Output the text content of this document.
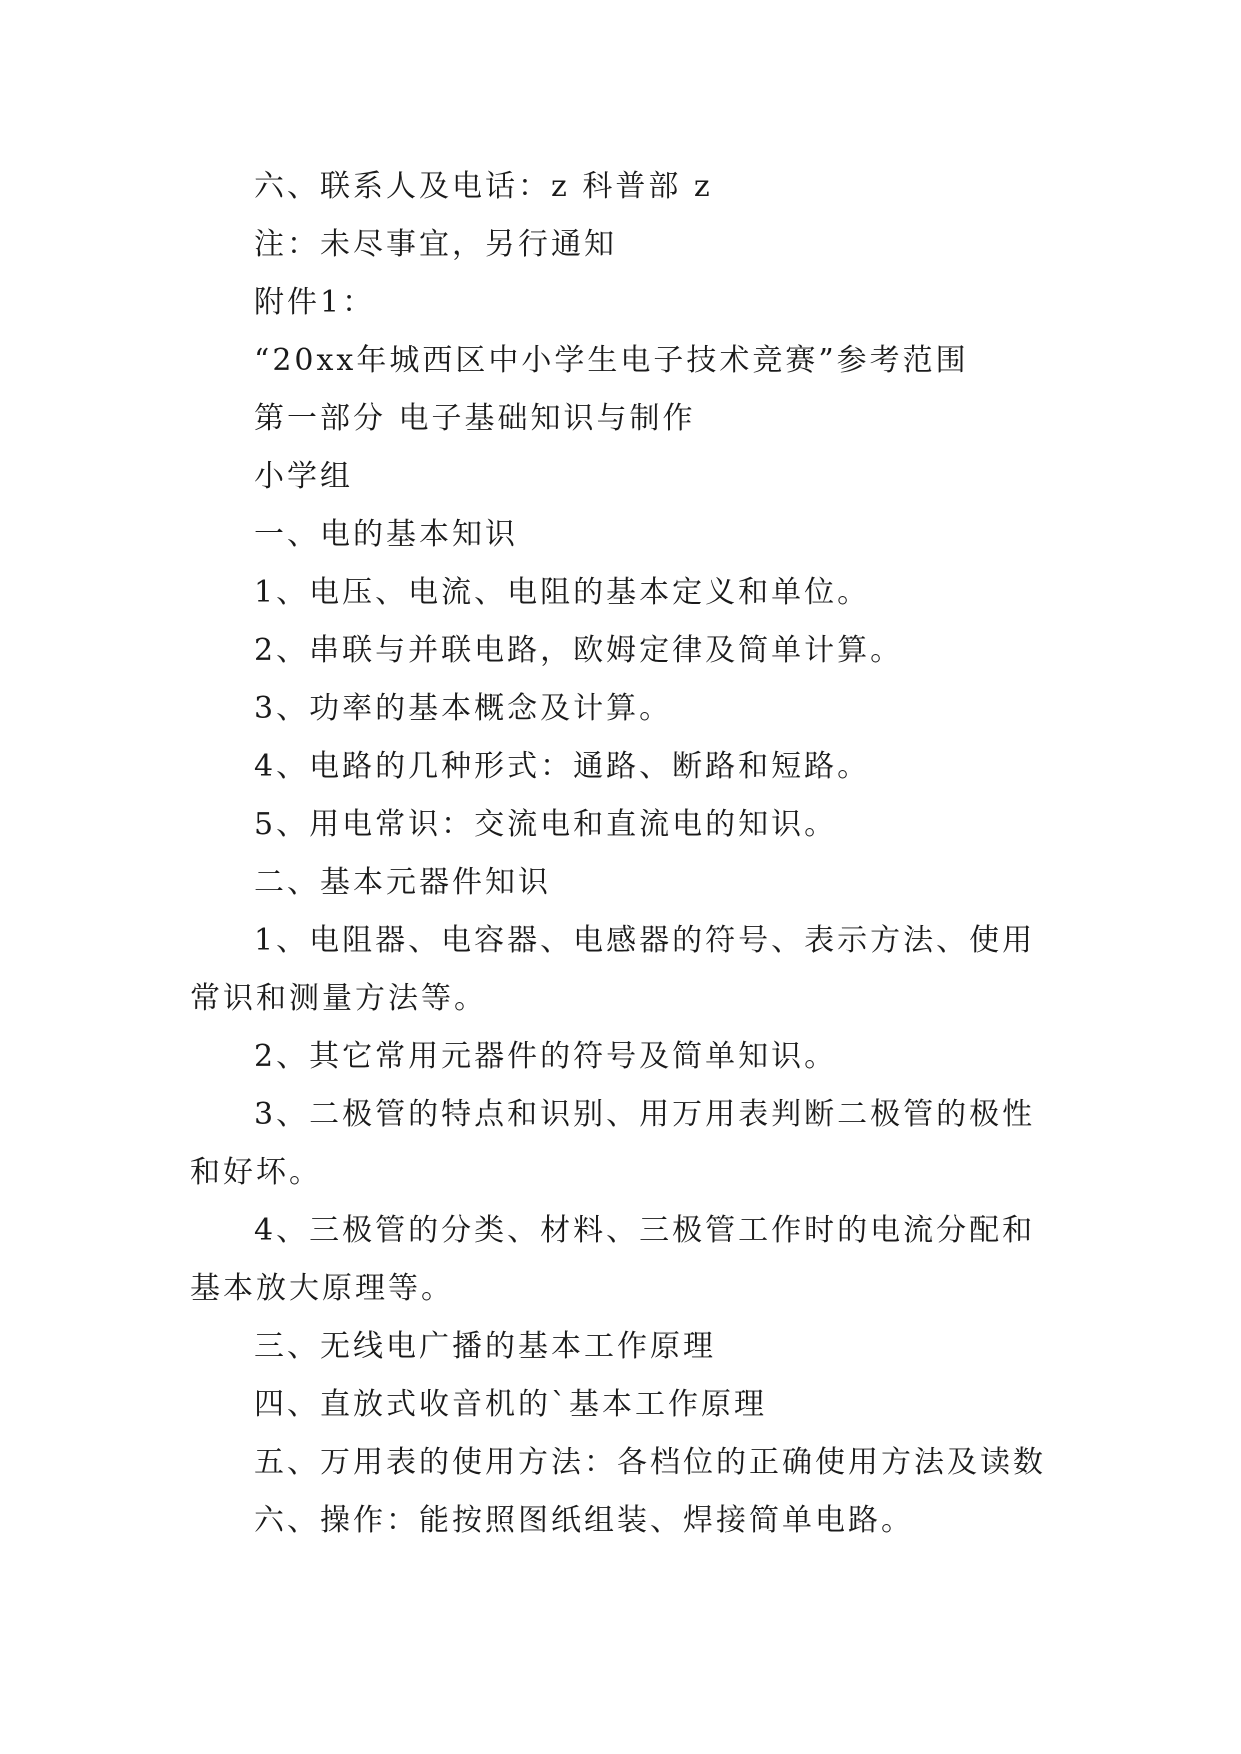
六、联系人及电话：z 科普部 z

注：未尽事宜，另行通知

附件1：

“20xx年城西区中小学生电子技术竞赛”参考范围

第一部分 电子基础知识与制作

小学组

一、电的基本知识

1、电压、电流、电阻的基本定义和单位。

2、串联与并联电路，欧姆定律及简单计算。

3、功率的基本概念及计算。

4、电路的几种形式：通路、断路和短路。

5、用电常识：交流电和直流电的知识。

二、基本元器件知识

1、电阻器、电容器、电感器的符号、表示方法、使用常识和测量方法等。

2、其它常用元器件的符号及简单知识。

3、二极管的特点和识别、用万用表判断二极管的极性和好坏。

4、三极管的分类、材料、三极管工作时的电流分配和基本放大原理等。

三、无线电广播的基本工作原理

四、直放式收音机的`基本工作原理

五、万用表的使用方法：各档位的正确使用方法及读数

六、操作：能按照图纸组装、焊接简单电路。
